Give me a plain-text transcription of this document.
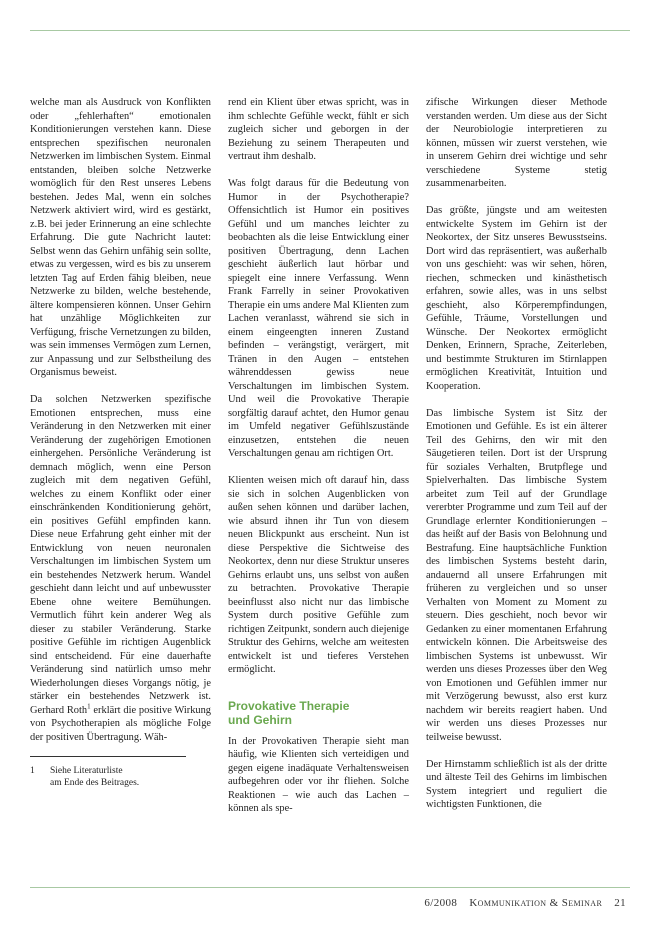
welche man als Ausdruck von Konflikten oder „fehlerhaften“ emotionalen Konditionierungen verstehen kann. Diese entsprechen spezifischen neuronalen Netzwerken im limbischen System. Einmal entstanden, bleiben solche Netzwerke womöglich für den Rest unseres Lebens bestehen. Jedes Mal, wenn ein solches Netzwerk aktiviert wird, wird es gestärkt, z.B. bei jeder Erinnerung an eine schlechte Erfahrung. Die gute Nachricht lautet: Selbst wenn das Gehirn unfähig sein sollte, etwas zu vergessen, wird es bis zu unserem letzten Tag auf Erden fähig bleiben, neue Netzwerke zu bilden, welche bestehende, ältere kompensieren können. Unser Gehirn hat unzählige Möglichkeiten zur Verfügung, frische Vernetzungen zu bilden, was sein immenses Vermögen zum Lernen, zur Anpassung und zur Selbstheilung des Organismus beweist.

Da solchen Netzwerken spezifische Emotionen entsprechen, muss eine Veränderung in den Netzwerken mit einer Veränderung der zugehörigen Emotionen einhergehen. Persönliche Veränderung ist demnach möglich, wenn eine Person zugleich mit dem negativen Gefühl, welches zu einem Konflikt oder einer einschränkenden Konditionierung gehört, ein positives Gefühl empfinden kann. Diese neue Erfahrung geht einher mit der Entwicklung von neuen neuronalen Verschaltungen im limbischen System um ein bestehendes Netzwerk herum. Wandel geschieht dann leicht und auf unbewusster Ebene ohne weitere Bemühungen. Vermutlich führt kein anderer Weg als dieser zu stabiler Veränderung. Starke positive Gefühle im richtigen Augenblick sind entscheidend. Für eine dauerhafte Veränderung sind natürlich umso mehr Wiederholungen dieses Vorgangs nötig, je stärker ein bestehendes Netzwerk ist. Gerhard Roth$^1$ erklärt die positive Wirkung von Psychotherapien als mögliche Folge der positiven Übertragung. Wäh-

1	Siehe Literaturliste
am Ende des Beitrages.

rend ein Klient über etwas spricht, was in ihm schlechte Gefühle weckt, fühlt er sich zugleich sicher und geborgen in der Beziehung zu seinem Therapeuten und vertraut ihm deshalb.

Was folgt daraus für die Bedeutung von Humor in der Psychotherapie? Offensichtlich ist Humor ein positives Gefühl und um manches leichter zu beobachten als die leise Entwicklung einer positiven Übertragung, denn Lachen geschieht äußerlich laut hörbar und spiegelt eine innere Verfassung. Wenn Frank Farrelly in seiner Provokativen Therapie ein ums andere Mal Klienten zum Lachen veranlasst, während sie sich in einem eingeengten inneren Zustand befinden – verängstigt, verärgert, mit Tränen in den Augen – entstehen währenddessen gewiss neue Verschaltungen im limbischen System. Und weil die Provokative Therapie sorgfältig darauf achtet, den Humor genau im Umfeld negativer Gefühlszustände einzusetzen, entstehen die neuen Verschaltungen genau am richtigen Ort.

Klienten weisen mich oft darauf hin, dass sie sich in solchen Augenblicken von außen sehen können und darüber lachen, wie absurd ihnen ihr Tun von diesem neuen Blickpunkt aus erscheint. Nun ist diese Perspektive die Sichtweise des Neokortex, denn nur diese Struktur unseres Gehirns erlaubt uns, uns selbst von außen zu betrachten. Provokative Therapie beeinflusst also nicht nur das limbische System durch positive Gefühle zum richtigen Zeitpunkt, sondern auch diejenige Struktur des Gehirns, welche am weitesten entwickelt ist und tieferes Verstehen ermöglicht.

Provokative Therapie
und Gehirn

In der Provokativen Therapie sieht man häufig, wie Klienten sich verteidigen und gegen eigene inadäquate Verhaltensweisen aufbegehren oder vor ihr fliehen. Solche Reaktionen – wie auch das Lachen – können als spe-

zifische Wirkungen dieser Methode verstanden werden. Um diese aus der Sicht der Neurobiologie interpretieren zu können, müssen wir zuerst verstehen, wie in unserem Gehirn drei wichtige und sehr verschiedene Systeme stetig zusammenarbeiten.

Das größte, jüngste und am weitesten entwickelte System im Gehirn ist der Neokortex, der Sitz unseres Bewusstseins. Dort wird das repräsentiert, was außerhalb von uns geschieht: was wir sehen, hören, riechen, schmecken und kinästhetisch erfahren, sowie alles, was in uns selbst geschieht, also Körperempfindungen, Gefühle, Träume, Vorstellungen und Wünsche. Der Neokortex ermöglicht Denken, Erinnern, Sprache, Zeiterleben, und bestimmte Strukturen im Stirnlappen ermöglichen Kreativität, Intuition und Kooperation.

Das limbische System ist Sitz der Emotionen und Gefühle. Es ist ein älterer Teil des Gehirns, den wir mit den Säugetieren teilen. Dort ist der Ursprung für soziales Verhalten, Brutpflege und Spielverhalten. Das limbische System arbeitet zum Teil auf der Grundlage vererbter Programme und zum Teil auf der Grundlage erlernter Konditionierungen – das heißt auf der Basis von Belohnung und Bestrafung. Eine hauptsächliche Funktion des limbischen Systems besteht darin, andauernd all unsere Erfahrungen mit früheren zu vergleichen und so unser Verhalten von Moment zu Moment zu steuern. Dies geschieht, noch bevor wir Gedanken zu einer momentanen Erfahrung entwickeln können. Die Arbeitsweise des limbischen Systems ist unbewusst. Wir werden uns dieses Prozesses über den Weg von Emotionen und Gefühlen immer nur mit Verzögerung bewusst, also erst kurz nachdem wir bereits reagiert haben. Und wir werden uns dieses Prozesses nur teilweise bewusst.

Der Hirnstamm schließlich ist als der dritte und älteste Teil des Gehirns im limbischen System integriert und reguliert die wichtigsten Funktionen, die

6/2008 Kommunikation & Seminar 21
